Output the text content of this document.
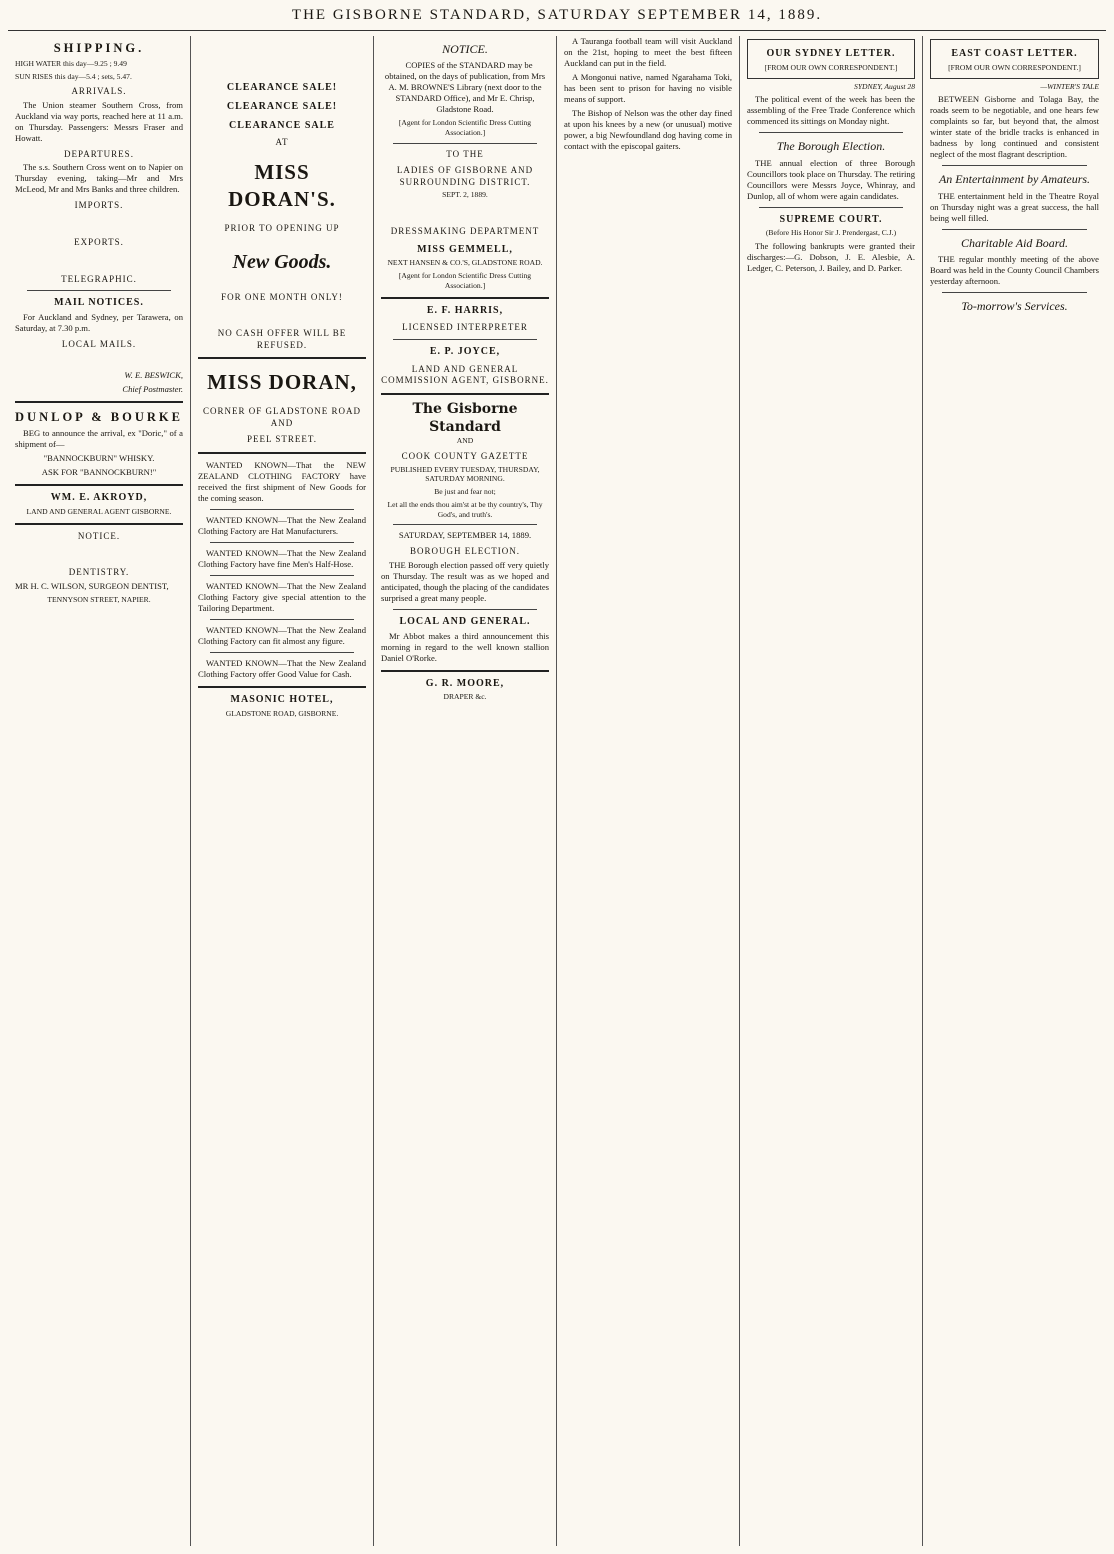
THE GISBORNE STANDARD, SATURDAY SEPTEMBER 14, 1889.
SHIPPING.

HIGH WATER this day—9.25 ; 9.49

SUN RISES this day—5.4 ; sets, 5.47.

ARRIVALS.

The Union steamer Southern Cross, from Auckland via way ports, reached here at 11 a.m. on Thursday. Passengers: Messrs Fraser and Howatt.

DEPARTURES.

The s.s. Southern Cross went on to Napier on Thursday evening, taking—Mr and Mrs McLeod, Mr and Mrs Banks and three children.

IMPORTS.
EXPORTS.
TELEGRAPHIC.
MAIL NOTICES.

For Auckland and Sydney, per Tarawera, on Saturday, at 7.30 p.m.

LOCAL MAILS.

W. E. BESWICK,

Chief Postmaster.

DUNLOP & BOURKE

BEG to announce the arrival, ex "Doric," of a shipment of—

"BANNOCKBURN" WHISKY.

ASK FOR "BANNOCKBURN!"

WM. E. AKROYD,

LAND AND GENERAL AGENT GISBORNE.

NOTICE.
DENTISTRY.

MR H. C. WILSON, SURGEON DENTIST,

TENNYSON STREET, NAPIER.

CLEARANCE SALE!
CLEARANCE SALE!
CLEARANCE SALE
AT
MISS DORAN'S.
PRIOR TO OPENING UP
New Goods.
FOR ONE MONTH ONLY!
NO CASH OFFER WILL BE REFUSED.
MISS DORAN,
CORNER OF GLADSTONE ROAD AND
PEEL STREET.

WANTED KNOWN—That the NEW ZEALAND CLOTHING FACTORY have received the first shipment of New Goods for the coming season.

WANTED KNOWN—That the New Zealand Clothing Factory are Hat Manufacturers.

WANTED KNOWN—That the New Zealand Clothing Factory have fine Men's Half-Hose.

WANTED KNOWN—That the New Zealand Clothing Factory give special attention to the Tailoring Department.

WANTED KNOWN—That the New Zealand Clothing Factory can fit almost any figure.

WANTED KNOWN—That the New Zealand Clothing Factory offer Good Value for Cash.

MASONIC HOTEL,

GLADSTONE ROAD, GISBORNE.

NOTICE.

COPIES of the STANDARD may be obtained, on the days of publication, from Mrs A. M. BROWNE'S Library (next door to the STANDARD Office), and Mr E. Chrisp, Gladstone Road.

[Agent for London Scientific Dress Cutting Association.]

TO THE
LADIES OF GISBORNE AND SURROUNDING DISTRICT.

SEPT. 2, 1889.

DRESSMAKING DEPARTMENT
MISS GEMMELL,

NEXT HANSEN & CO.'S, GLADSTONE ROAD.

[Agent for London Scientific Dress Cutting Association.]

E. F. HARRIS,
LICENSED INTERPRETER
E. P. JOYCE,
LAND AND GENERAL COMMISSION AGENT, GISBORNE.
The Gisborne Standard

AND

COOK COUNTY GAZETTE

PUBLISHED EVERY TUESDAY, THURSDAY, SATURDAY MORNING.

Be just and fear not;

Let all the ends thou aim'st at be thy country's, Thy God's, and truth's.

SATURDAY, SEPTEMBER 14, 1889.

BOROUGH ELECTION.

THE Borough election passed off very quietly on Thursday. The result was as we hoped and anticipated, though the placing of the candidates surprised a great many people.

LOCAL AND GENERAL.

Mr Abbot makes a third announcement this morning in regard to the well known stallion Daniel O'Rorke.

G. R. MOORE,

DRAPER &c.

A Tauranga football team will visit Auckland on the 21st, hoping to meet the best fifteen Auckland can put in the field.

A Mongonui native, named Ngarahama Toki, has been sent to prison for having no visible means of support.

The Bishop of Nelson was the other day fined at upon his knees by a new (or unusual) motive power, a big Newfoundland dog having come in contact with the episcopal gaiters.

OUR SYDNEY LETTER.

[FROM OUR OWN CORRESPONDENT.]

SYDNEY, August 28

The political event of the week has been the assembling of the Free Trade Conference which commenced its sittings on Monday night.

The Borough Election.

THE annual election of three Borough Councillors took place on Thursday. The retiring Councillors were Messrs Joyce, Whinray, and Dunlop, all of whom were again candidates.

SUPREME COURT.

(Before His Honor Sir J. Prendergast, C.J.)

The following bankrupts were granted their discharges:—G. Dobson, J. E. Alesbie, A. Ledger, C. Peterson, J. Bailey, and D. Parker.

EAST COAST LETTER.

[FROM OUR OWN CORRESPONDENT.]

—WINTER'S TALE

BETWEEN Gisborne and Tolaga Bay, the roads seem to be negotiable, and one hears few complaints so far, but beyond that, the almost winter state of the bridle tracks is enhanced in badness by long continued and consistent neglect of the most flagrant description.

An Entertainment by Amateurs.

THE entertainment held in the Theatre Royal on Thursday night was a great success, the hall being well filled.

Charitable Aid Board.

THE regular monthly meeting of the above Board was held in the County Council Chambers yesterday afternoon.

To-morrow's Services.
